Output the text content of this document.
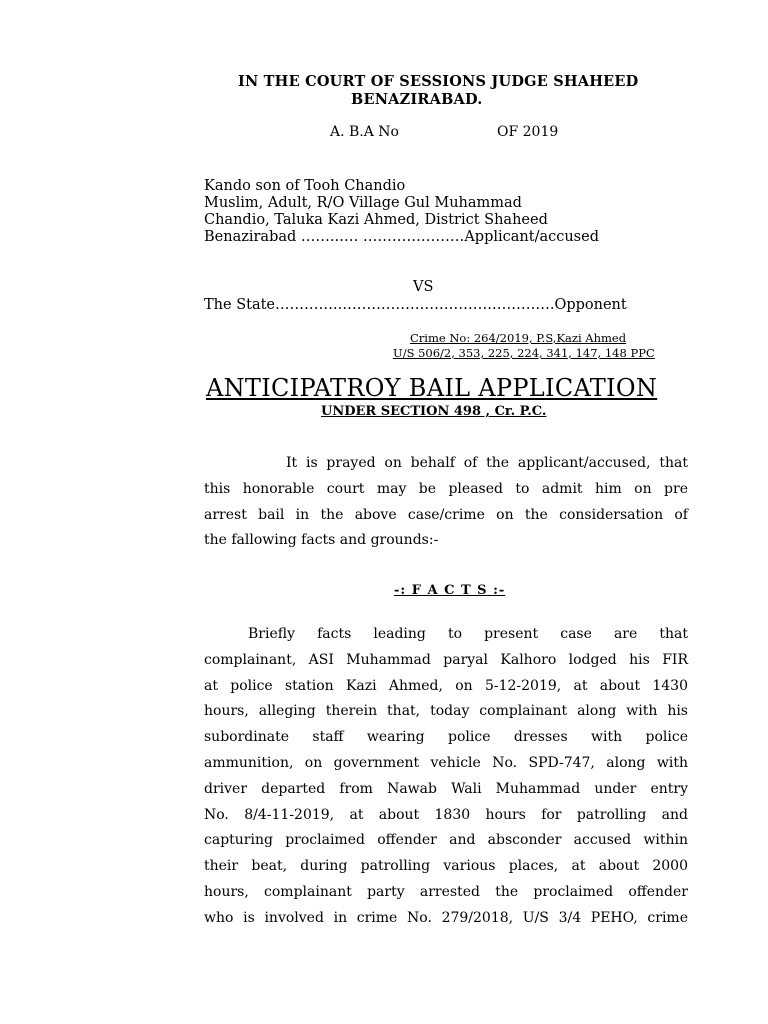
IN THE COURT OF SESSIONS JUDGE SHAHEED
BENAZIRABAD.
A. B.A No	OF 2019
Kando son of Tooh Chandio
Muslim, Adult, R/O Village Gul Muhammad
Chandio, Taluka Kazi Ahmed, District Shaheed
Benazirabad ……..…. …………………Applicant/accused
VS
The State…………..………………………….………….Opponent
Crime No: 264/2019, P.S,Kazi Ahmed
U/S 506/2, 353, 225, 224, 341, 147, 148 PPC
ANTICIPATROY BAIL APPLICATION
UNDER SECTION 498 , Cr. P.C.
It is prayed on behalf of the applicant/accused, that
this honorable court may be pleased to admit him on pre
arrest bail in the above case/crime on the considersation of
the fallowing facts and grounds:-
-: F A C T S :-
Briefly facts leading to present case are that
complainant, ASI Muhammad paryal Kalhoro lodged his FIR
at police station Kazi Ahmed, on 5-12-2019, at about 1430
hours, alleging therein that, today complainant along with his
subordinate staff wearing police dresses with police
ammunition, on government vehicle No. SPD-747, along with
driver departed from Nawab Wali Muhammad under entry
No. 8/4-11-2019, at about 1830 hours for patrolling and
capturing proclaimed offender and absconder accused within
their beat, during patrolling various places, at about 2000
hours, complainant party arrested the proclaimed offender
who is involved in crime No. 279/2018, U/S 3/4 PEHO, crime
